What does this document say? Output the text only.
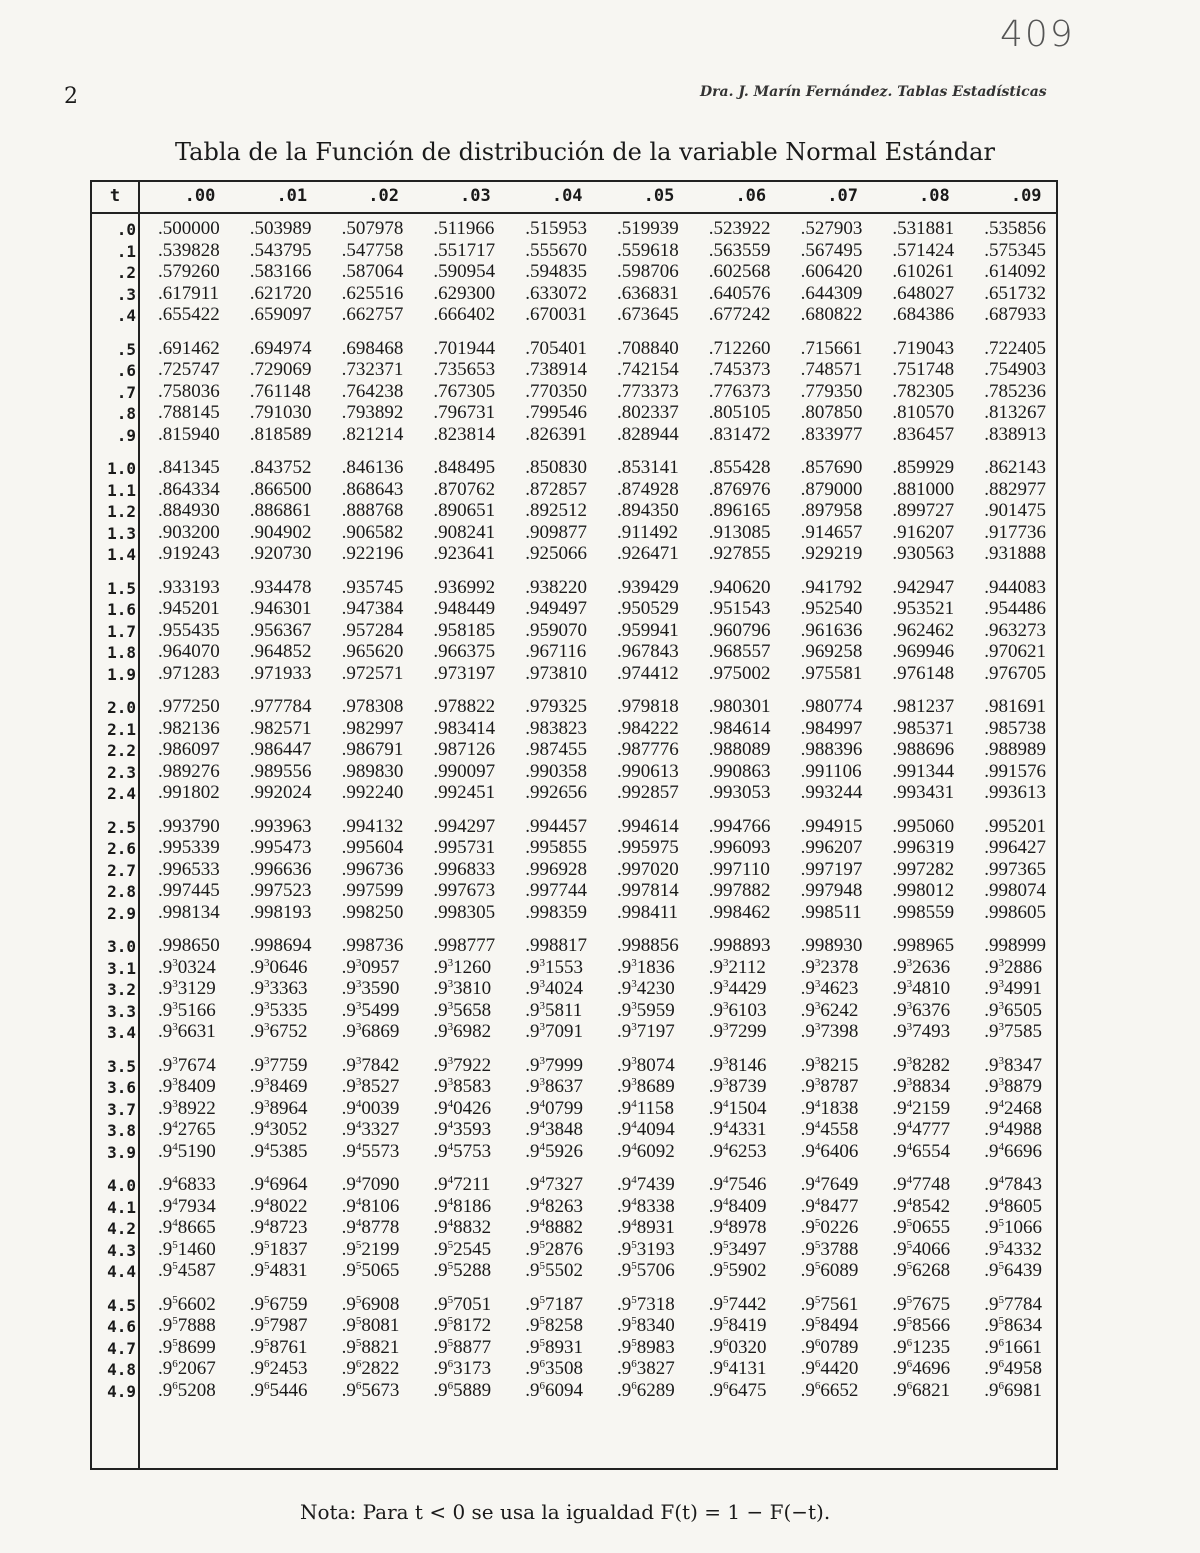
409
2	Dra. J. Marín Fernández. Tablas Estadísticas
Tabla de la Función de distribución de la variable Normal Estándar
t	.00	.01	.02	.03	.04	.05	.06	.07	.08	.09
.0 .500000 .503989 .507978 .511966 .515953 .519939 .523922 .527903 .531881 .535856
.1 .539828 .543795 .547758 .551717 .555670 .559618 .563559 .567495 .571424 .575345
.2 .579260 .583166 .587064 .590954 .594835 .598706 .602568 .606420 .610261 .614092
.3 .617911 .621720 .625516 .629300 .633072 .636831 .640576 .644309 .648027 .651732
.4 .655422 .659097 .662757 .666402 .670031 .673645 .677242 .680822 .684386 .687933
.5 .691462 .694974 .698468 .701944 .705401 .708840 .712260 .715661 .719043 .722405
.6 .725747 .729069 .732371 .735653 .738914 .742154 .745373 .748571 .751748 .754903
.7 .758036 .761148 .764238 .767305 .770350 .773373 .776373 .779350 .782305 .785236
.8 .788145 .791030 .793892 .796731 .799546 .802337 .805105 .807850 .810570 .813267
.9 .815940 .818589 .821214 .823814 .826391 .828944 .831472 .833977 .836457 .838913
1.0 .841345 .843752 .846136 .848495 .850830 .853141 .855428 .857690 .859929 .862143
1.1 .864334 .866500 .868643 .870762 .872857 .874928 .876976 .879000 .881000 .882977
1.2 .884930 .886861 .888768 .890651 .892512 .894350 .896165 .897958 .899727 .901475
1.3 .903200 .904902 .906582 .908241 .909877 .911492 .913085 .914657 .916207 .917736
1.4 .919243 .920730 .922196 .923641 .925066 .926471 .927855 .929219 .930563 .931888
1.5 .933193 .934478 .935745 .936992 .938220 .939429 .940620 .941792 .942947 .944083
1.6 .945201 .946301 .947384 .948449 .949497 .950529 .951543 .952540 .953521 .954486
1.7 .955435 .956367 .957284 .958185 .959070 .959941 .960796 .961636 .962462 .963273
1.8 .964070 .964852 .965620 .966375 .967116 .967843 .968557 .969258 .969946 .970621
1.9 .971283 .971933 .972571 .973197 .973810 .974412 .975002 .975581 .976148 .976705
2.0 .977250 .977784 .978308 .978822 .979325 .979818 .980301 .980774 .981237 .981691
2.1 .982136 .982571 .982997 .983414 .983823 .984222 .984614 .984997 .985371 .985738
2.2 .986097 .986447 .986791 .987126 .987455 .987776 .988089 .988396 .988696 .988989
2.3 .989276 .989556 .989830 .990097 .990358 .990613 .990863 .991106 .991344 .991576
2.4 .991802 .992024 .992240 .992451 .992656 .992857 .993053 .993244 .993431 .993613
2.5 .993790 .993963 .994132 .994297 .994457 .994614 .994766 .994915 .995060 .995201
2.6 .995339 .995473 .995604 .995731 .995855 .995975 .996093 .996207 .996319 .996427
2.7 .996533 .996636 .996736 .996833 .996928 .997020 .997110 .997197 .997282 .997365
2.8 .997445 .997523 .997599 .997673 .997744 .997814 .997882 .997948 .998012 .998074
2.9 .998134 .998193 .998250 .998305 .998359 .998411 .998462 .998511 .998559 .998605
3.0 .998650 .998694 .998736 .998777 .998817 .998856 .998893 .998930 .998965 .998999
3.1 $.9^30324$ $.9^30646$ $.9^30957$ $.9^31260$ $.9^31553$ $.9^31836$ $.9^32112$ $.9^32378$ $.9^32636$ $.9^32886$
3.2 $.9^33129$ $.9^33363$ $.9^33590$ $.9^33810$ $.9^34024$ $.9^34230$ $.9^34429$ $.9^34623$ $.9^34810$ $.9^34991$
3.3 $.9^35166$ $.9^35335$ $.9^35499$ $.9^35658$ $.9^35811$ $.9^35959$ $.9^36103$ $.9^36242$ $.9^36376$ $.9^36505$
3.4 $.9^36631$ $.9^36752$ $.9^36869$ $.9^36982$ $.9^37091$ $.9^37197$ $.9^37299$ $.9^37398$ $.9^37493$ $.9^37585$
3.5 $.9^37674$ $.9^37759$ $.9^37842$ $.9^37922$ $.9^37999$ $.9^38074$ $.9^38146$ $.9^38215$ $.9^38282$ $.9^38347$
3.6 $.9^38409$ $.9^38469$ $.9^38527$ $.9^38583$ $.9^38637$ $.9^38689$ $.9^38739$ $.9^38787$ $.9^38834$ $.9^38879$
3.7 $.9^38922$ $.9^38964$ $.9^40039$ $.9^40426$ $.9^40799$ $.9^41158$ $.9^41504$ $.9^41838$ $.9^42159$ $.9^42468$
3.8 $.9^42765$ $.9^43052$ $.9^43327$ $.9^43593$ $.9^43848$ $.9^44094$ $.9^44331$ $.9^44558$ $.9^44777$ $.9^44988$
3.9 $.9^45190$ $.9^45385$ $.9^45573$ $.9^45753$ $.9^45926$ $.9^46092$ $.9^46253$ $.9^46406$ $.9^46554$ $.9^46696$
4.0 $.9^46833$ $.9^46964$ $.9^47090$ $.9^47211$ $.9^47327$ $.9^47439$ $.9^47546$ $.9^47649$ $.9^47748$ $.9^47843$
4.1 $.9^47934$ $.9^48022$ $.9^48106$ $.9^48186$ $.9^48263$ $.9^48338$ $.9^48409$ $.9^48477$ $.9^48542$ $.9^48605$
4.2 $.9^48665$ $.9^48723$ $.9^48778$ $.9^48832$ $.9^48882$ $.9^48931$ $.9^48978$ $.9^50226$ $.9^50655$ $.9^51066$
4.3 $.9^51460$ $.9^51837$ $.9^52199$ $.9^52545$ $.9^52876$ $.9^53193$ $.9^53497$ $.9^53788$ $.9^54066$ $.9^54332$
4.4 $.9^54587$ $.9^54831$ $.9^55065$ $.9^55288$ $.9^55502$ $.9^55706$ $.9^55902$ $.9^56089$ $.9^56268$ $.9^56439$
4.5 $.9^56602$ $.9^56759$ $.9^56908$ $.9^57051$ $.9^57187$ $.9^57318$ $.9^57442$ $.9^57561$ $.9^57675$ $.9^57784$
4.6 $.9^57888$ $.9^57987$ $.9^58081$ $.9^58172$ $.9^58258$ $.9^58340$ $.9^58419$ $.9^58494$ $.9^58566$ $.9^58634$
4.7 $.9^58699$ $.9^58761$ $.9^58821$ $.9^58877$ $.9^58931$ $.9^58983$ $.9^60320$ $.9^60789$ $.9^61235$ $.9^61661$
4.8 $.9^62067$ $.9^62453$ $.9^62822$ $.9^63173$ $.9^63508$ $.9^63827$ $.9^64131$ $.9^64420$ $.9^64696$ $.9^64958$
4.9 $.9^65208$ $.9^65446$ $.9^65673$ $.9^65889$ $.9^66094$ $.9^66289$ $.9^66475$ $.9^66652$ $.9^66821$ $.9^66981$
Nota: Para t < 0 se usa la igualdad F(t) = 1 − F(−t).
